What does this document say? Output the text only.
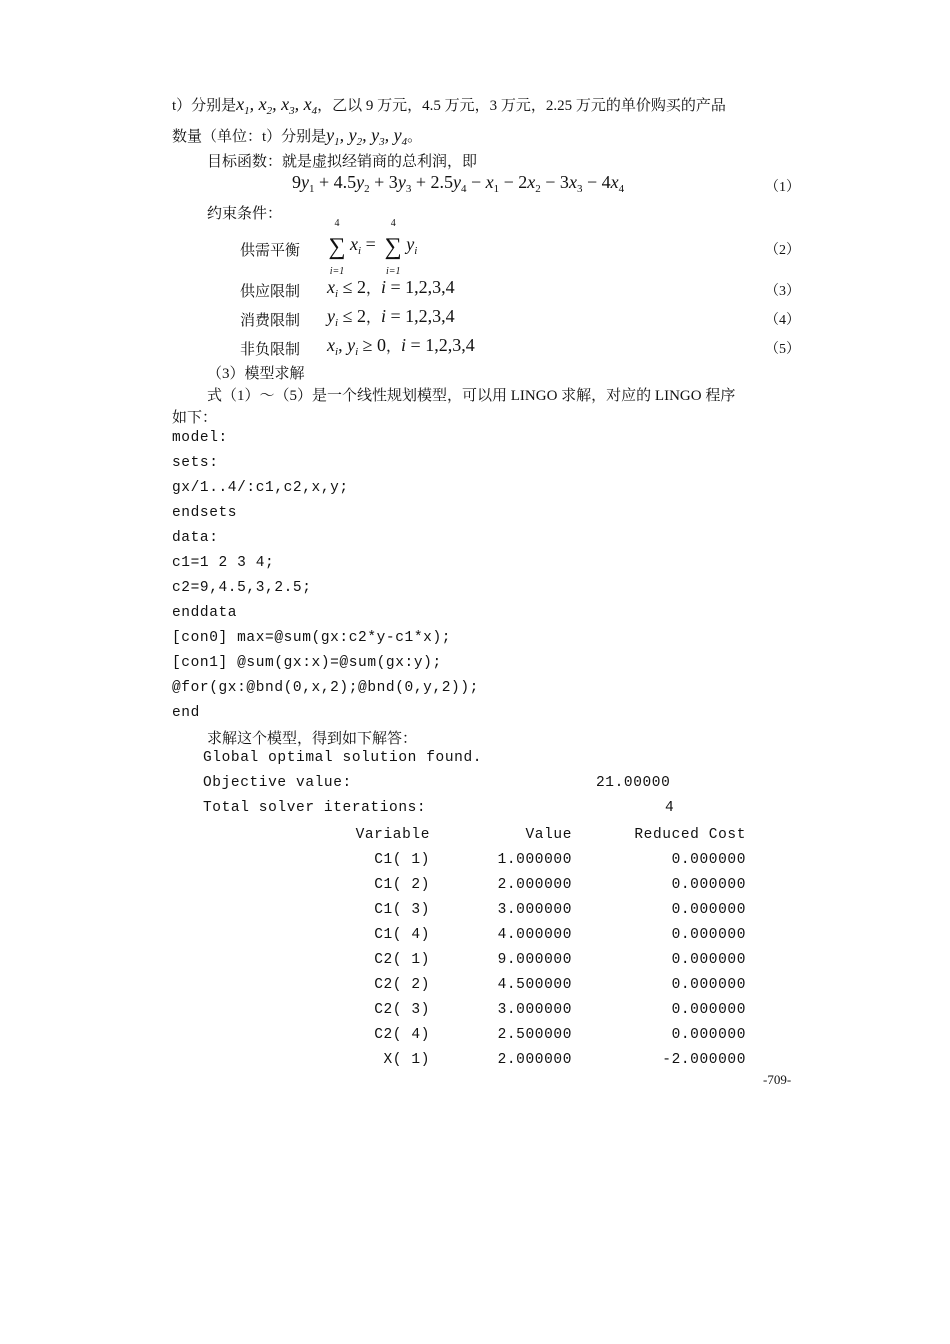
t）分别是$x_1$, $x_2$, $x_3$, $x_4$，乙以 9 万元，4.5 万元，3 万元，2.25 万元的单价购买的产品
数量（单位：t）分别是$y_1$, $y_2$, $y_3$, $y_4$。
目标函数：就是虚拟经销商的总利润，即
$9y_1 + 4.5y_2 + 3y_3 + 2.5y_4 - x_1 - 2x_2 - 3x_3 - 4x_4$	（1）
约束条件：
供需平衡
4
∑
i=1
$x_i$ =
4
∑
i=1
$y_i$	（2）
供应限制 $x_i \le 2$，i = 1,2,3,4	（3）
消费限制 $y_i \le 2$，i = 1,2,3,4	（4）
非负限制 $x_i$, $y_i \ge 0$，i = 1,2,3,4	（5）
（3）模型求解
式（1）～（5）是一个线性规划模型，可以用 LINGO 求解，对应的 LINGO 程序
如下：
model:
sets:
gx/1..4/:c1,c2,x,y;
endsets
data:
c1=1 2 3 4;
c2=9,4.5,3,2.5;
enddata
[con0] max=@sum(gx:c2*y-c1*x);
[con1] @sum(gx:x)=@sum(gx:y);
@for(gx:@bnd(0,x,2);@bnd(0,y,2));
end
求解这个模型，得到如下解答：
Global optimal solution found.
Objective value:	21.00000
Total solver iterations:	4
Variable	Value	Reduced Cost
C1( 1)	1.000000	0.000000
C1( 2)	2.000000	0.000000
C1( 3)	3.000000	0.000000
C1( 4)	4.000000	0.000000
C2( 1)	9.000000	0.000000
C2( 2)	4.500000	0.000000
C2( 3)	3.000000	0.000000
C2( 4)	2.500000	0.000000
X( 1)	2.000000	-2.000000
-709-
